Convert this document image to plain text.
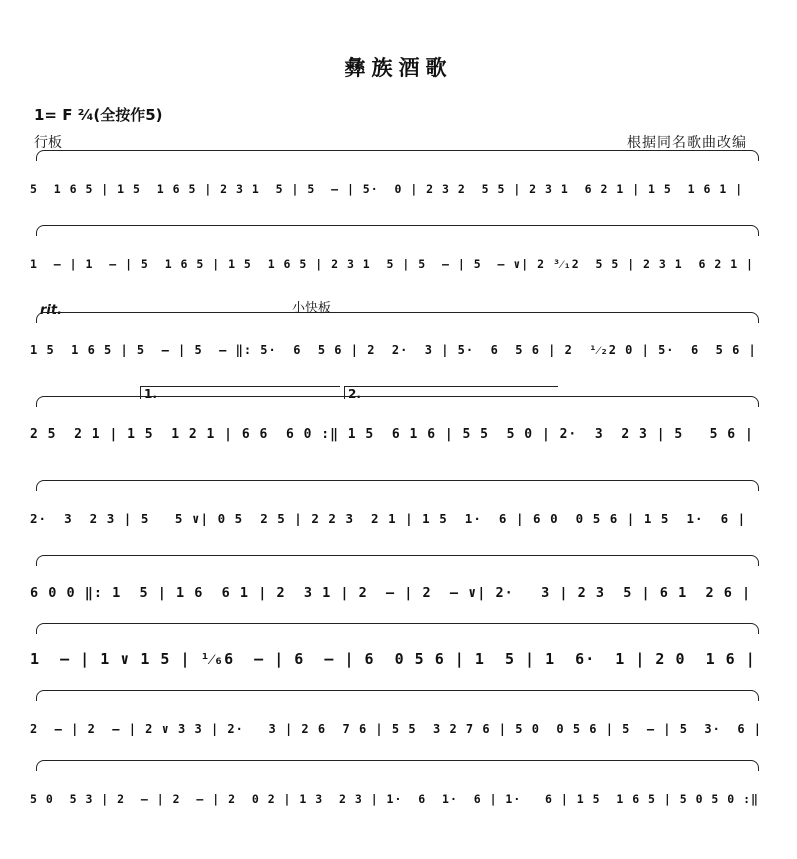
彝族酒歌
1= F ²⁄₄(全按作5)
行板	根据同名歌曲改编
rit.	小快板
1.	2.
5  1 6 5 | 1 5  1 6 5 | 2 3 1  5 | 5  — | 5·  0 | 2 3 2  5 5 | 2 3 1  6 2 1 | 1 5  1 6 1 |
1  — | 1  — | 5  1 6 5 | 1 5  1 6 5 | 2 3 1  5 | 5  — | 5  — ∨| 2 ³⁄₁2  5 5 | 2 3 1  6 2 1 |
1 5  1 6 5 | 5  — | 5  — ‖: 5·  6  5 6 | 2  2·  3 | 5·  6  5 6 | 2  ¹⁄₂2 0 | 5·  6  5 6 |
2 5  2 1 | 1 5  1 2 1 | 6 6  6 0 :‖ 1 5  6 1 6 | 5 5  5 0 | 2·  3  2 3 | 5   5 6 |
2·  3  2 3 | 5   5 ∨| 0 5  2 5 | 2 2 3  2 1 | 1 5  1·  6 | 6 0  0 5 6 | 1 5  1·  6 |
6 0 0 ‖: 1  5 | 1 6  6 1 | 2  3 1 | 2  — | 2  — ∨| 2·   3 | 2 3  5 | 6 1  2 6 |
1  — | 1 ∨ 1 5 | ¹⁄₆6  — | 6  — | 6  0 5 6 | 1  5 | 1  6·  1 | 2 0  1 6 |
2  — | 2  — | 2 ∨ 3 3 | 2·   3 | 2 6  7 6 | 5 5  3 2 7 6 | 5 0  0 5 6 | 5  — | 5  3·  6 |
5 0  5 3 | 2  — | 2  — | 2  0 2 | 1 3  2 3 | 1·  6  1·  6 | 1·   6 | 1 5  1 6 5 | 5 0 5 0 :‖
